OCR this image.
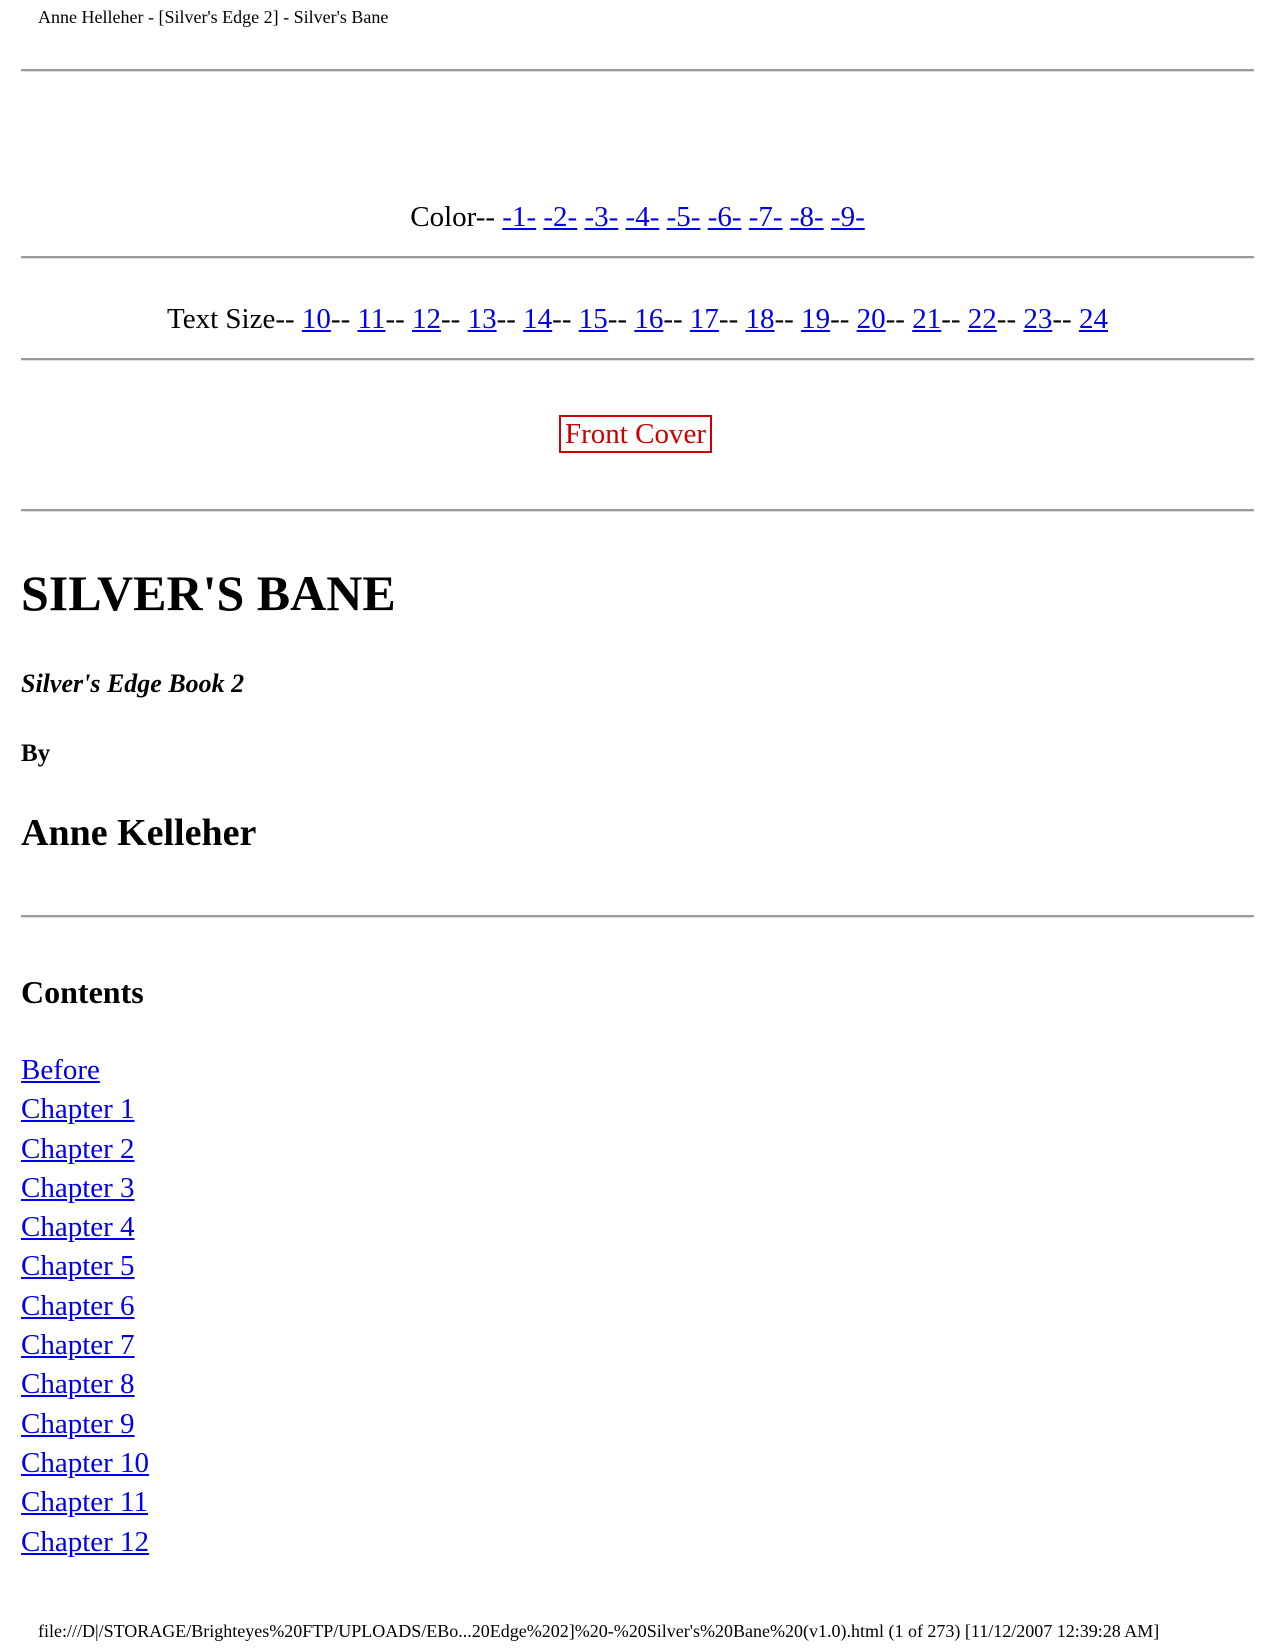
Anne Helleher - [Silver's Edge 2] - Silver's Bane
Color-- -1- -2- -3- -4- -5- -6- -7- -8- -9-
Text Size-- 10-- 11-- 12-- 13-- 14-- 15-- 16-- 17-- 18-- 19-- 20-- 21-- 22-- 23-- 24
Front Cover
SILVER'S BANE
Silver's Edge Book 2
By
Anne Kelleher
Contents
Before
Chapter 1
Chapter 2
Chapter 3
Chapter 4
Chapter 5
Chapter 6
Chapter 7
Chapter 8
Chapter 9
Chapter 10
Chapter 11
Chapter 12
file:///D|/STORAGE/Brighteyes%20FTP/UPLOADS/EBo...20Edge%202]%20-%20Silver's%20Bane%20(v1.0).html (1 of 273) [11/12/2007 12:39:28 AM]
